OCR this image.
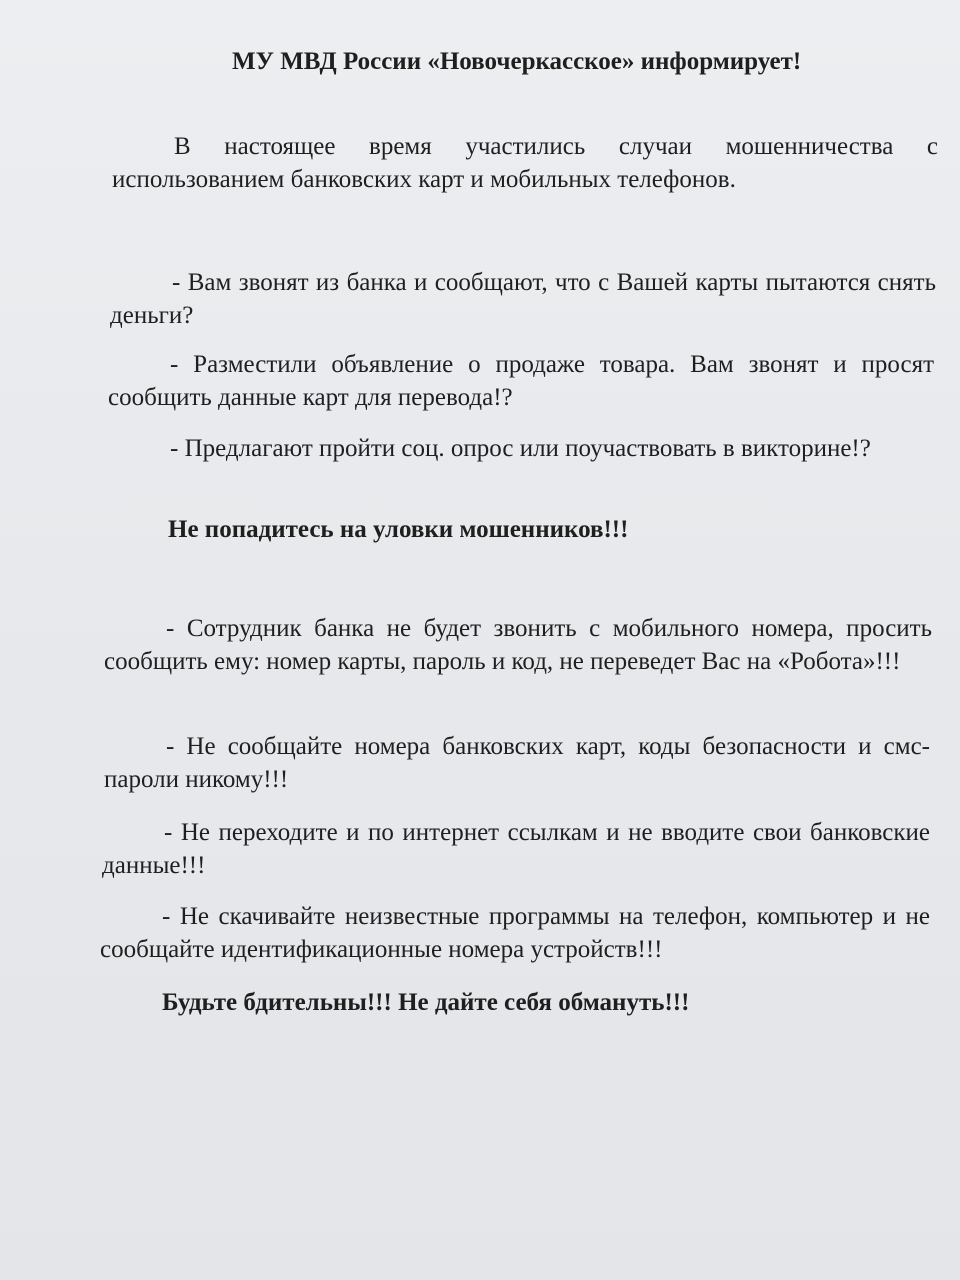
МУ МВД России «Новочеркасское» информирует!

В настоящее время участились случаи мошенничества с использованием банковских карт и мобильных телефонов.

- Вам звонят из банка и сообщают, что с Вашей карты пытаются снять деньги?

- Разместили объявление о продаже товара. Вам звонят и просят сообщить данные карт для перевода!?

- Предлагают пройти соц. опрос или поучаствовать в викторине!?

Не попадитесь на уловки мошенников!!!

- Сотрудник банка не будет звонить с мобильного номера, просить сообщить ему: номер карты, пароль и код, не переведет Вас на «Робота»!!!

- Не сообщайте номера банковских карт, коды безопасности и смс-пароли никому!!!

- Не переходите и по интернет ссылкам и не вводите свои банковские данные!!!

- Не скачивайте неизвестные программы на телефон, компьютер и не сообщайте идентификационные номера устройств!!!

Будьте бдительны!!! Не дайте себя обмануть!!!
